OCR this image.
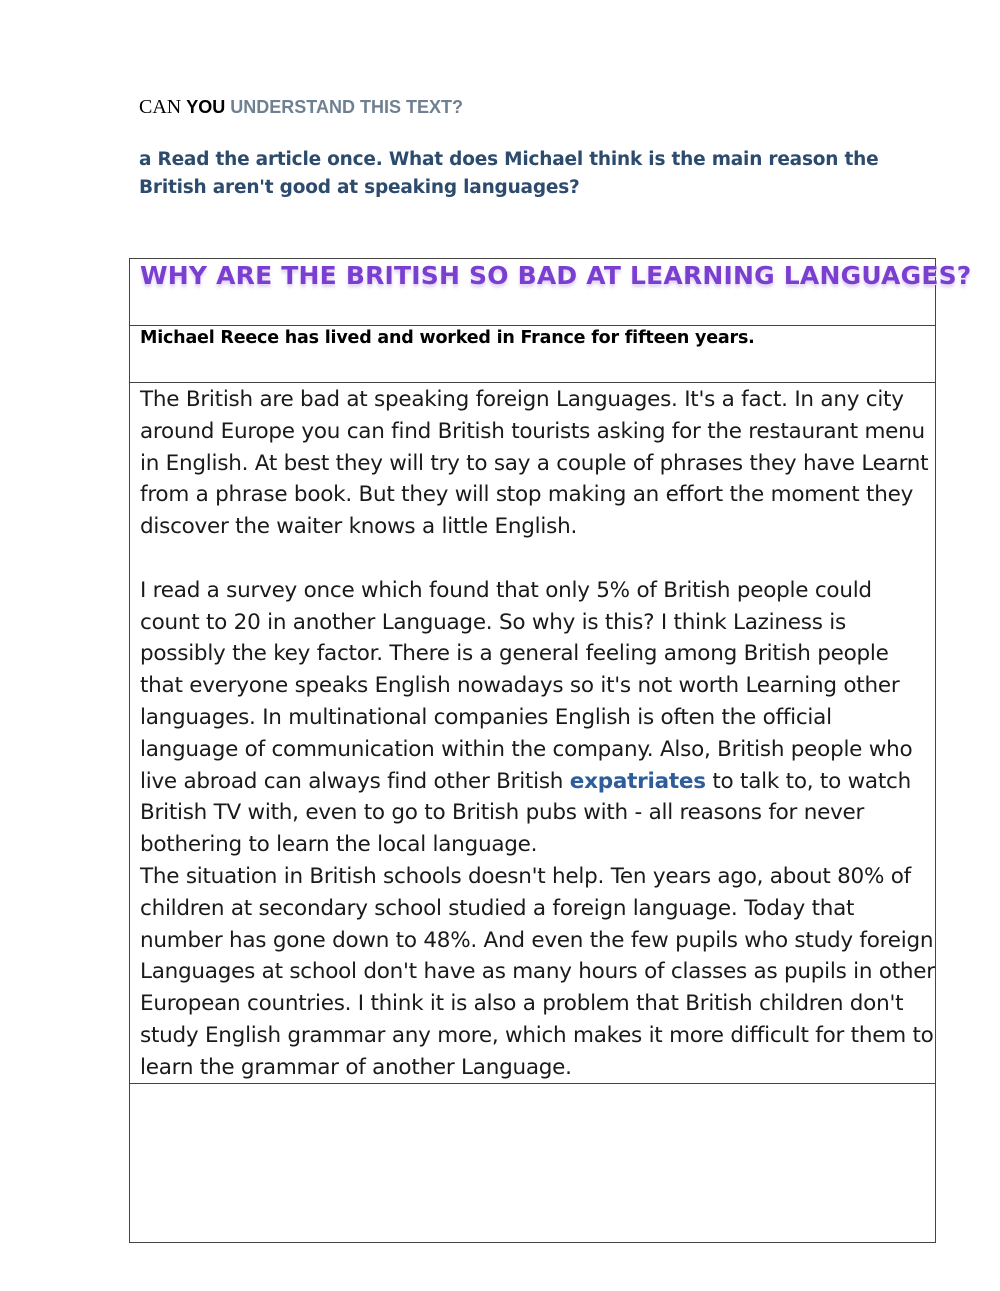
CAN YOU UNDERSTAND THIS TEXT?
a Read the article once. What does Michael think is the main reason the British aren't good at speaking languages?
WHY ARE THE BRITISH SO BAD AT LEARNING LANGUAGES?
Michael Reece has lived and worked in France for fifteen years.

The British are bad at speaking foreign Languages. It's a fact. In any city around Europe you can find British tourists asking for the restaurant menu in English. At best they will try to say a couple of phrases they have Learnt from a phrase book. But they will stop making an effort the moment they discover the waiter knows a little English.

I read a survey once which found that only 5% of British people could count to 20 in another Language. So why is this? I think Laziness is possibly the key factor. There is a general feeling among British people that everyone speaks English nowadays so it's not worth Learning other languages. In multinational companies English is often the official language of communication within the company. Also, British people who live abroad can always find other British expatriates to talk to, to watch British TV with, even to go to British pubs with - all reasons for never bothering to learn the local language.

The situation in British schools doesn't help. Ten years ago, about 80% of children at secondary school studied a foreign language. Today that number has gone down to 48%. And even the few pupils who study foreign Languages at school don't have as many hours of classes as pupils in other European countries. I think it is also a problem that British children don't study English grammar any more, which makes it more difficult for them to learn the grammar of another Language.
